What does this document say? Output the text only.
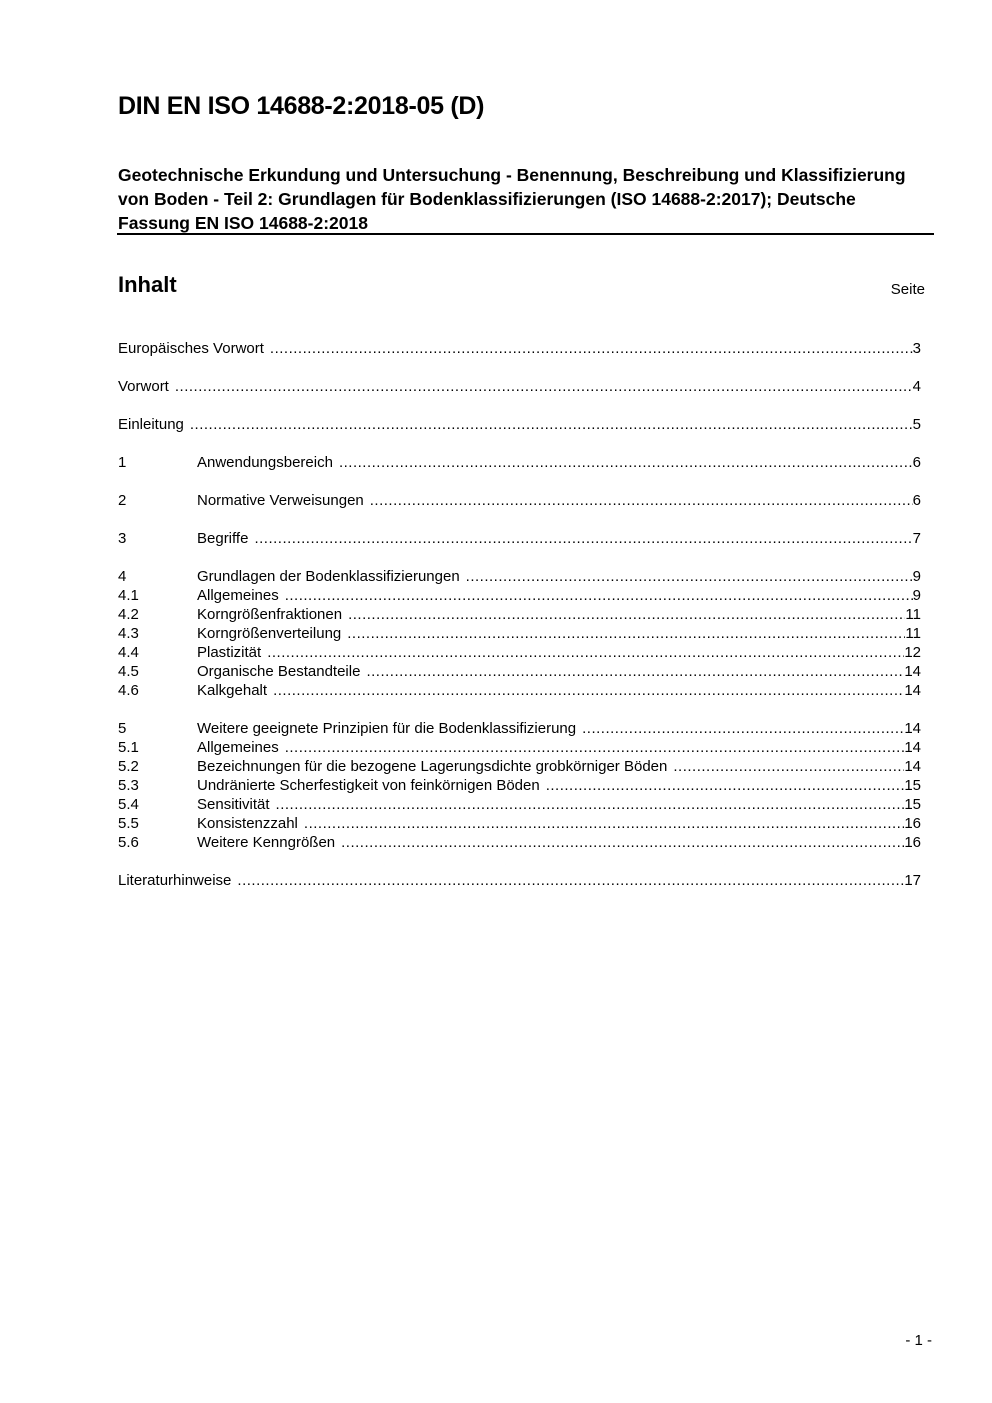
DIN EN ISO 14688-2:2018-05 (D)

Geotechnische Erkundung und Untersuchung - Benennung, Beschreibung und Klassifizierung von Boden - Teil 2: Grundlagen für Bodenklassifizierungen (ISO 14688-2:2017); Deutsche Fassung EN ISO 14688-2:2018

Inhalt	Seite
Europäisches Vorwort .....	3
Vorwort .....	4
Einleitung .....	5
1	Anwendungsbereich .....	6
2	Normative Verweisungen .....	6
3	Begriffe .....	7
4	Grundlagen der Bodenklassifizierungen .....	9
4.1	Allgemeines .....	9
4.2	Korngrößenfraktionen .....	11
4.3	Korngrößenverteilung .....	11
4.4	Plastizität .....	12
4.5	Organische Bestandteile .....	14
4.6	Kalkgehalt .....	14
5	Weitere geeignete Prinzipien für die Bodenklassifizierung .....	14
5.1	Allgemeines .....	14
5.2	Bezeichnungen für die bezogene Lagerungsdichte grobkörniger Böden .....	14
5.3	Undränierte Scherfestigkeit von feinkörnigen Böden .....	15
5.4	Sensitivität .....	15
5.5	Konsistenzzahl .....	16
5.6	Weitere Kenngrößen .....	16
Literaturhinweise .....	17
- 1 -
